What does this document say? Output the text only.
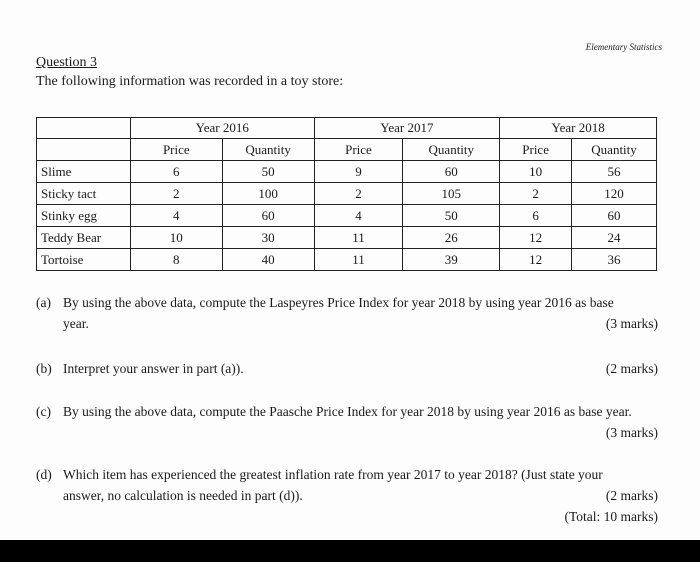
Elementary Statistics
Question 3
The following information was recorded in a toy store:
	Year 2016		Year 2017		Year 2018	
	Price	Quantity	Price	Quantity	Price	Quantity
Slime	6	50	9	60	10	56
Sticky tact	2	100	2	105	2	120
Stinky egg	4	60	4	50	6	60
Teddy Bear	10	30	11	26	12	24
Tortoise	8	40	11	39	12	36
(a) By using the above data, compute the Laspeyres Price Index for year 2018 by using year 2016 as base
year.	(3 marks)
(b) Interpret your answer in part (a)).	(2 marks)
(c) By using the above data, compute the Paasche Price Index for year 2018 by using year 2016 as base year.
(3 marks)
(d) Which item has experienced the greatest inflation rate from year 2017 to year 2018? (Just state your
answer, no calculation is needed in part (d)).	(2 marks)
(Total: 10 marks)
